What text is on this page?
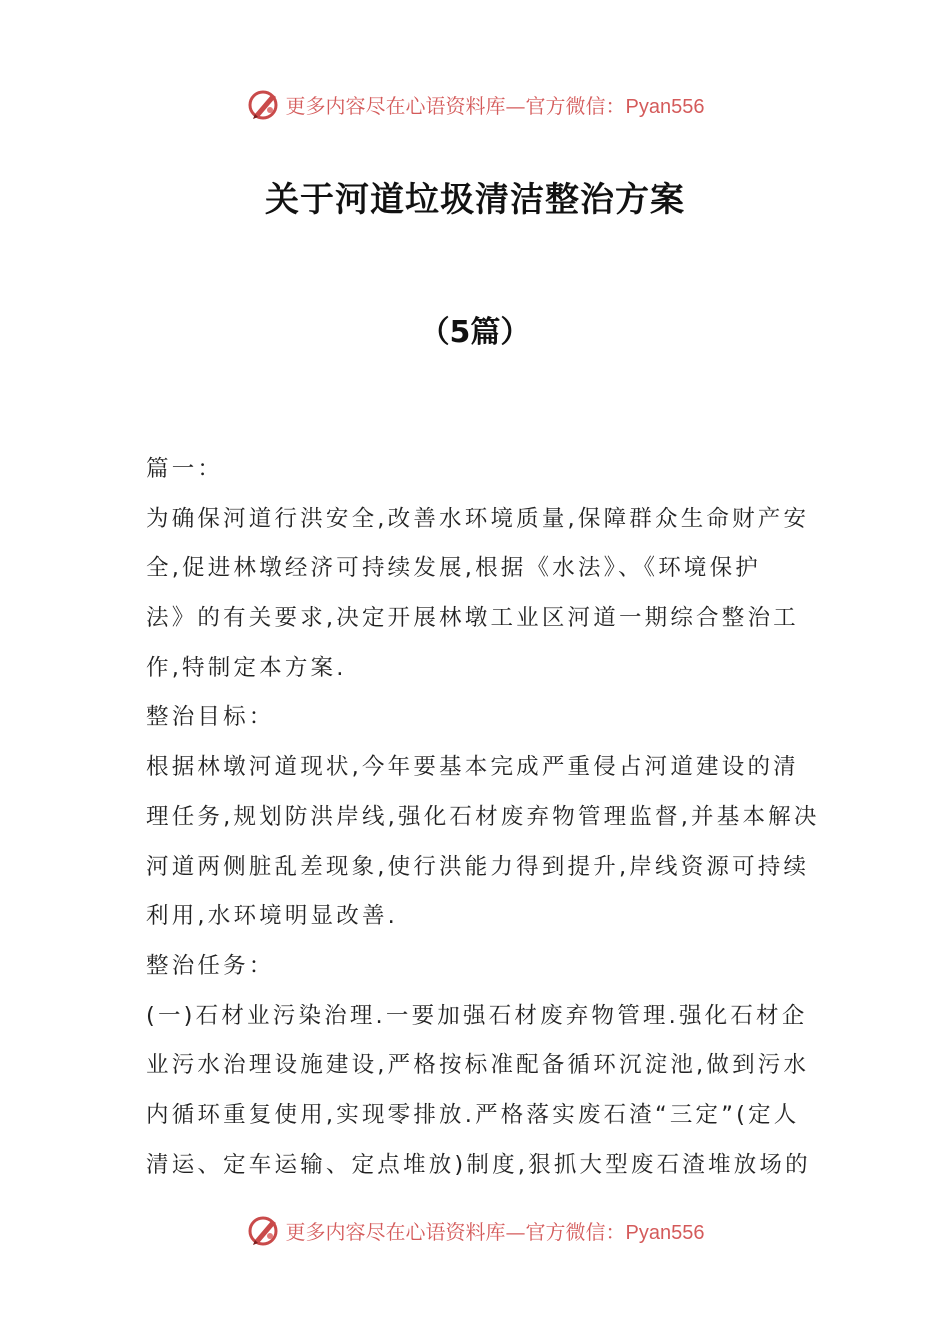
更多内容尽在心语资料库—官方微信：Pyan556
关于河道垃圾清洁整治方案
（5篇）
篇一：
为确保河道行洪安全,改善水环境质量,保障群众生命财产安
全,促进林墩经济可持续发展,根据《水法》、《环境保护
法》的有关要求,决定开展林墩工业区河道一期综合整治工
作,特制定本方案.
整治目标：
根据林墩河道现状,今年要基本完成严重侵占河道建设的清
理任务,规划防洪岸线,强化石材废弃物管理监督,并基本解决
河道两侧脏乱差现象,使行洪能力得到提升,岸线资源可持续
利用,水环境明显改善.
整治任务：
(一)石材业污染治理.一要加强石材废弃物管理.强化石材企
业污水治理设施建设,严格按标准配备循环沉淀池,做到污水
内循环重复使用,实现零排放.严格落实废石渣“三定”(定人
清运、定车运输、定点堆放)制度,狠抓大型废石渣堆放场的
更多内容尽在心语资料库—官方微信：Pyan556
